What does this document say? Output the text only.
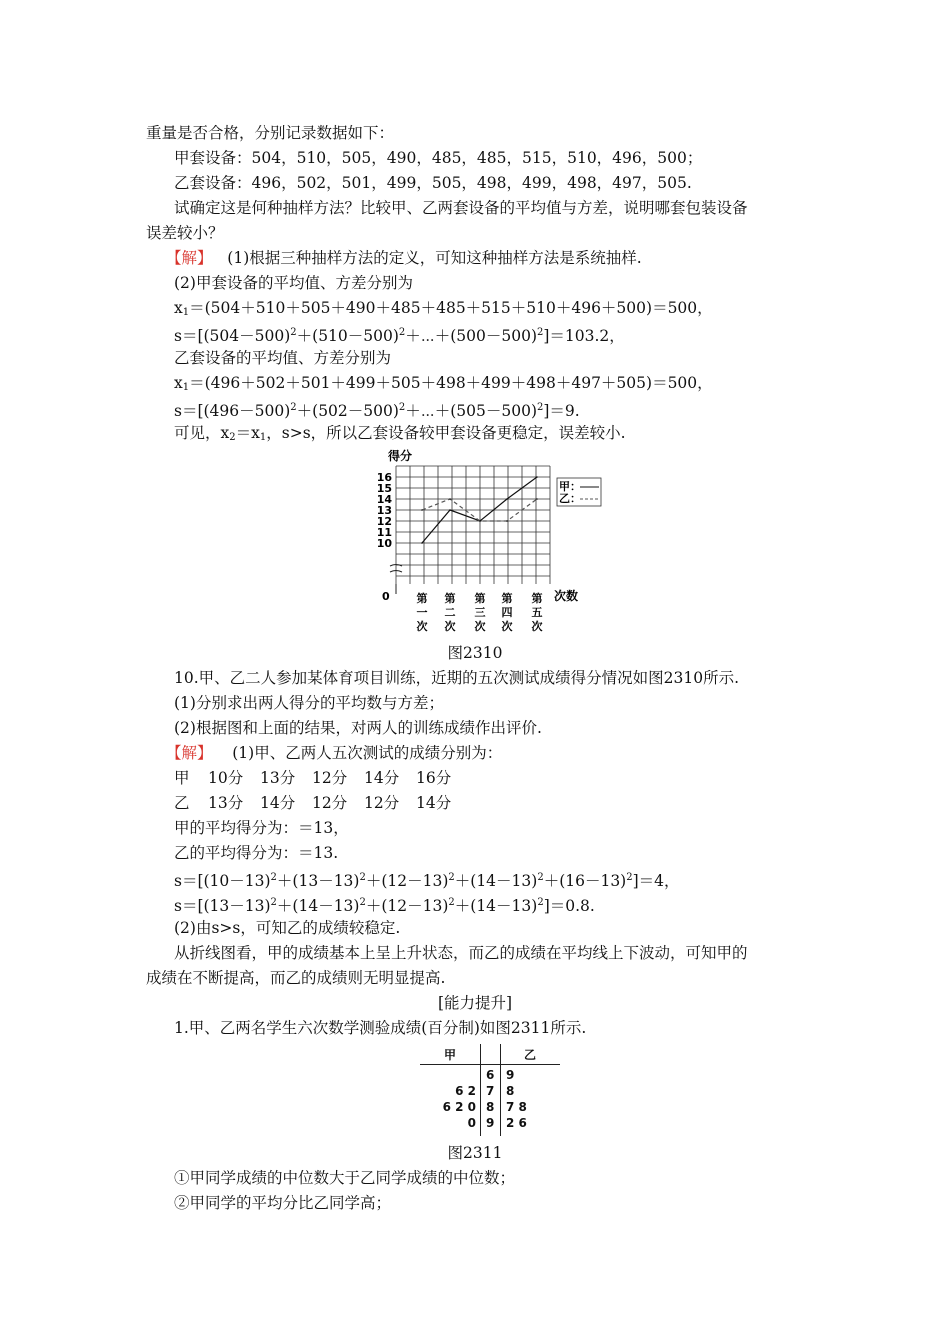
重量是否合格，分别记录数据如下：
甲套设备：504，510，505，490，485，485，515，510，496，500；
乙套设备：496，502，501，499，505，498，499，498，497，505.
试确定这是何种抽样方法？比较甲、乙两套设备的平均值与方差，说明哪套包装设备
误差较小？
【解】 (1)根据三种抽样方法的定义，可知这种抽样方法是系统抽样.
(2)甲套设备的平均值、方差分别为
$x_1=(504+510+505+490+485+485+515+510+496+500)=500$，
$s=[(504-500)^2+(510-500)^2+\cdots+(500-500)^2]=103.2$，
乙套设备的平均值、方差分别为
$x_1=(496+502+501+499+505+498+499+498+497+505)=500$，
$s=[(496-500)^2+(502-500)^2+\cdots+(505-500)^2]=9$.
可见，$x_2=x_1$，s>s，所以乙套设备较甲套设备更稳定，误差较小.
得分
16
15
14
13
12
11
10
0	次数
第
一
次
第
二
次
第
三
次
第
四
次
第
五
次
甲：
乙：
图2310
10.甲、乙二人参加某体育项目训练，近期的五次测试成绩得分情况如图2310所示.
(1)分别求出两人得分的平均数与方差；
(2)根据图和上面的结果，对两人的训练成绩作出评价.
【解】 (1)甲、乙两人五次测试的成绩分别为：
甲 10分 13分 12分 14分 16分
乙 13分 14分 12分 12分 14分
甲的平均得分为：＝13，
乙的平均得分为：＝13.
$s=[(10-13)^2+(13-13)^2+(12-13)^2+(14-13)^2+(16-13)^2]=4$，
$s=[(13-13)^2+(14-13)^2+(12-13)^2+(14-13)^2]=0.8$.
(2)由s>s，可知乙的成绩较稳定.
从折线图看，甲的成绩基本上呈上升状态，而乙的成绩在平均线上下波动，可知甲的
成绩在不断提高，而乙的成绩则无明显提高.
[能力提升]
1.甲、乙两名学生六次数学测验成绩(百分制)如图2311所示.
甲	乙
6 9
6 2 7 8
6 2 0 8 7 8
0 9 2 6
图2311
①甲同学成绩的中位数大于乙同学成绩的中位数；
②甲同学的平均分比乙同学高；
